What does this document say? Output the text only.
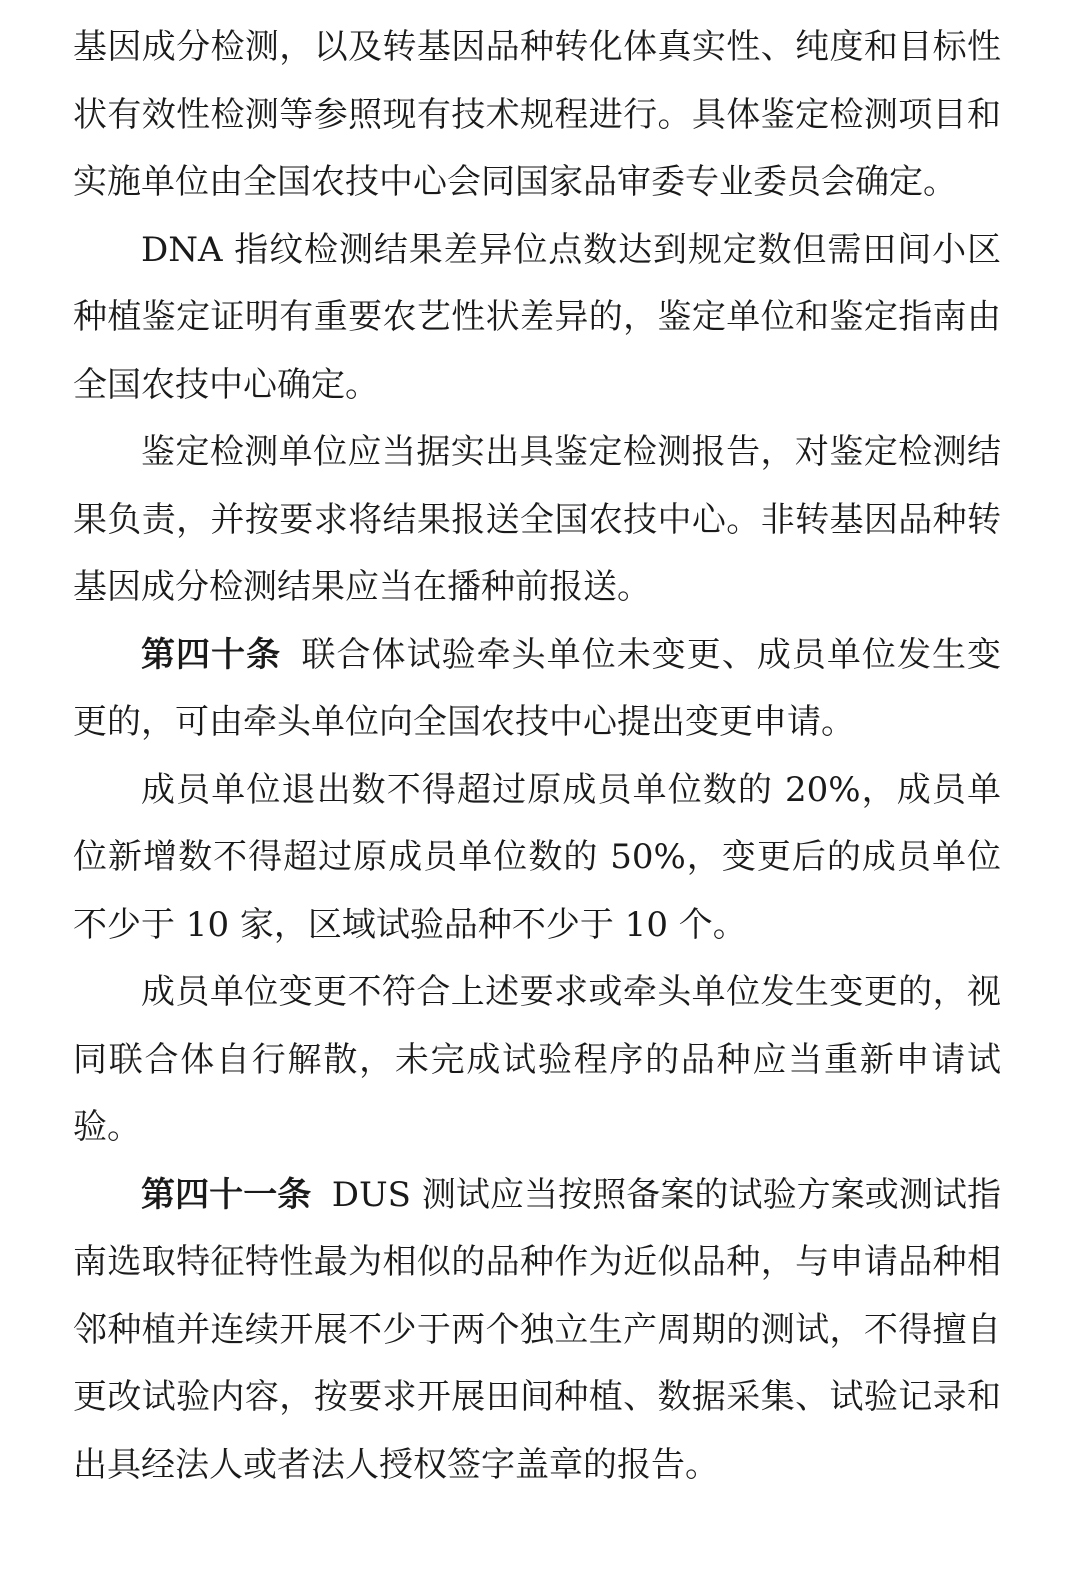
基因成分检测，以及转基因品种转化体真实性、纯度和目标性状有效性检测等参照现有技术规程进行。具体鉴定检测项目和实施单位由全国农技中心会同国家品审委专业委员会确定。

DNA 指纹检测结果差异位点数达到规定数但需田间小区种植鉴定证明有重要农艺性状差异的，鉴定单位和鉴定指南由全国农技中心确定。

鉴定检测单位应当据实出具鉴定检测报告，对鉴定检测结果负责，并按要求将结果报送全国农技中心。非转基因品种转基因成分检测结果应当在播种前报送。

第四十条 联合体试验牵头单位未变更、成员单位发生变更的，可由牵头单位向全国农技中心提出变更申请。

成员单位退出数不得超过原成员单位数的 20%，成员单位新增数不得超过原成员单位数的 50%，变更后的成员单位不少于 10 家，区域试验品种不少于 10 个。

成员单位变更不符合上述要求或牵头单位发生变更的，视同联合体自行解散，未完成试验程序的品种应当重新申请试验。

第四十一条 DUS 测试应当按照备案的试验方案或测试指南选取特征特性最为相似的品种作为近似品种，与申请品种相邻种植并连续开展不少于两个独立生产周期的测试，不得擅自更改试验内容，按要求开展田间种植、数据采集、试验记录和出具经法人或者法人授权签字盖章的报告。
